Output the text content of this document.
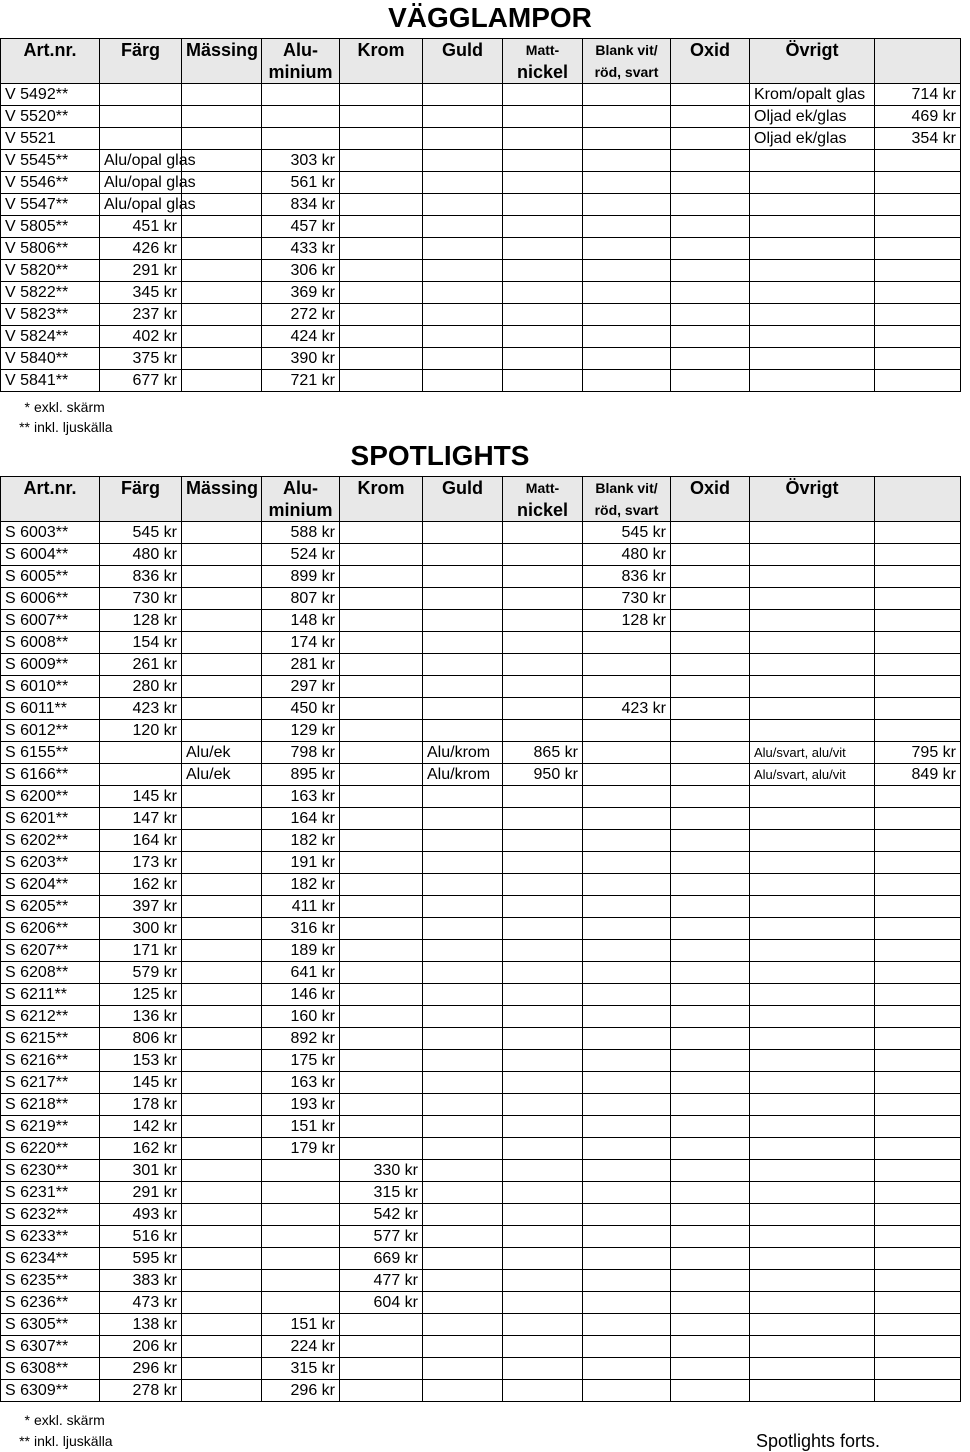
VÄGGLAMPOR
Art.nr.	Färg	Mässing	Alu-	Krom	Guld	Matt-	Blank vit/	Oxid	Övrigt	
			minium			nickel	röd, svart			
V 5492**									Krom/opalt glas	714 kr
V 5520**									Oljad ek/glas	469 kr
V 5521									Oljad ek/glas	354 kr
V 5545**	Alu/opal glas		303 kr							
V 5546**	Alu/opal glas		561 kr							
V 5547**	Alu/opal glas		834 kr							
V 5805**	451 kr		457 kr							
V 5806**	426 kr		433 kr							
V 5820**	291 kr		306 kr							
V 5822**	345 kr		369 kr							
V 5823**	237 kr		272 kr							
V 5824**	402 kr		424 kr							
V 5840**	375 kr		390 kr							
V 5841**	677 kr		721 kr							
* exkl. skärm
** inkl. ljuskälla
SPOTLIGHTS
Art.nr.	Färg	Mässing	Alu-	Krom	Guld	Matt-	Blank vit/	Oxid	Övrigt	
			minium			nickel	röd, svart			
S 6003**	545 kr		588 kr				545 kr			
S 6004**	480 kr		524 kr				480 kr			
S 6005**	836 kr		899 kr				836 kr			
S 6006**	730 kr		807 kr				730 kr			
S 6007**	128 kr		148 kr				128 kr			
S 6008**	154 kr		174 kr							
S 6009**	261 kr		281 kr							
S 6010**	280 kr		297 kr							
S 6011**	423 kr		450 kr				423 kr			
S 6012**	120 kr		129 kr							
S 6155**		Alu/ek	798 kr		Alu/krom	865 kr			Alu/svart, alu/vit	795 kr
S 6166**		Alu/ek	895 kr		Alu/krom	950 kr			Alu/svart, alu/vit	849 kr
S 6200**	145 kr		163 kr							
S 6201**	147 kr		164 kr							
S 6202**	164 kr		182 kr							
S 6203**	173 kr		191 kr							
S 6204**	162 kr		182 kr							
S 6205**	397 kr		411 kr							
S 6206**	300 kr		316 kr							
S 6207**	171 kr		189 kr							
S 6208**	579 kr		641 kr							
S 6211**	125 kr		146 kr							
S 6212**	136 kr		160 kr							
S 6215**	806 kr		892 kr							
S 6216**	153 kr		175 kr							
S 6217**	145 kr		163 kr							
S 6218**	178 kr		193 kr							
S 6219**	142 kr		151 kr							
S 6220**	162 kr		179 kr							
S 6230**	301 kr			330 kr						
S 6231**	291 kr			315 kr						
S 6232**	493 kr			542 kr						
S 6233**	516 kr			577 kr						
S 6234**	595 kr			669 kr						
S 6235**	383 kr			477 kr						
S 6236**	473 kr			604 kr						
S 6305**	138 kr		151 kr							
S 6307**	206 kr		224 kr							
S 6308**	296 kr		315 kr							
S 6309**	278 kr		296 kr							
* exkl. skärm
** inkl. ljuskälla	Spotlights forts.
